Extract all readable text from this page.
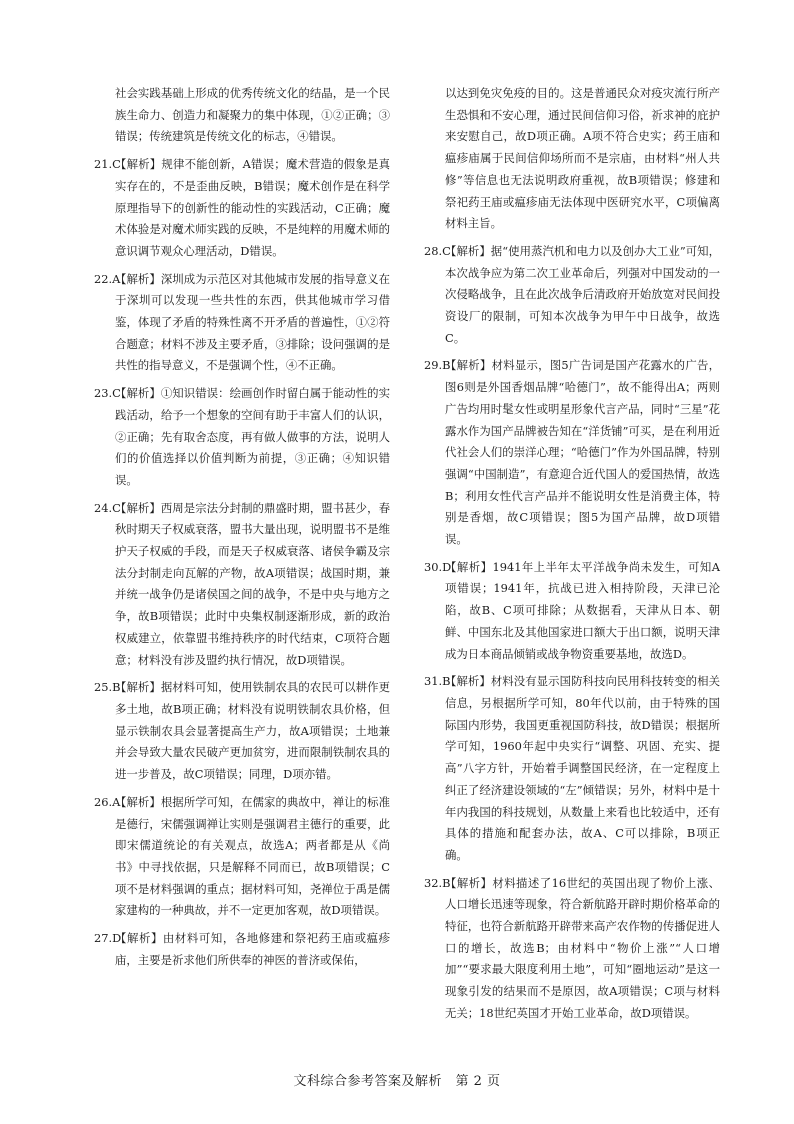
社会实践基础上形成的优秀传统文化的结晶，是一个民族生命力、创造力和凝聚力的集中体现，①②正确；③错误；传统建筑是传统文化的标志，④错误。

21.C
【解析】规律不能创新，A错误；魔术营造的假象是真实存在的，不是歪曲反映，B错误；魔术创作是在科学原理指导下的创新性的能动性的实践活动，C正确；魔术体验是对魔术师实践的反映，不是纯粹的用魔术师的意识调节观众心理活动，D错误。
22.A
【解析】深圳成为示范区对其他城市发展的指导意义在于深圳可以发现一些共性的东西，供其他城市学习借鉴，体现了矛盾的特殊性离不开矛盾的普遍性，①②符合题意；材料不涉及主要矛盾，③排除；设问强调的是共性的指导意义，不是强调个性，④不正确。
23.C
【解析】①知识错误：绘画创作时留白属于能动性的实践活动，给予一个想象的空间有助于丰富人们的认识，②正确；先有取舍态度，再有做人做事的方法，说明人们的价值选择以价值判断为前提，③正确；④知识错误。
24.C
【解析】西周是宗法分封制的鼎盛时期，盟书甚少，春秋时期天子权威衰落，盟书大量出现，说明盟书不是维护天子权威的手段，而是天子权威衰落、诸侯争霸及宗法分封制走向瓦解的产物，故A项错误；战国时期，兼并统一战争仍是诸侯国之间的战争，不是中央与地方之争，故B项错误；此时中央集权制逐渐形成，新的政治权威建立，依靠盟书维持秩序的时代结束，C项符合题意；材料没有涉及盟约执行情况，故D项错误。
25.B
【解析】据材料可知，使用铁制农具的农民可以耕作更多土地，故B项正确；材料没有说明铁制农具价格，但显示铁制农具会显著提高生产力，故A项错误；土地兼并会导致大量农民破产更加贫穷，进而限制铁制农具的进一步普及，故C项错误；同理，D项亦错。
26.A
【解析】根据所学可知，在儒家的典故中，禅让的标准是德行，宋儒强调禅让实则是强调君主德行的重要，此即宋儒道统论的有关观点，故选A；两者都是从《尚书》中寻找依据，只是解释不同而已，故B项错误；C项不是材料强调的重点；据材料可知，尧禅位于禹是儒家建构的一种典故，并不一定更加客观，故D项错误。
27.D
【解析】由材料可知，各地修建和祭祀药王庙或瘟疹庙，主要是祈求他们所供奉的神医的普济或保佑，

以达到免灾免疫的目的。这是普通民众对疫灾流行所产生恐惧和不安心理，通过民间信仰习俗，祈求神的庇护来安慰自己，故D项正确。A项不符合史实；药王庙和瘟疹庙属于民间信仰场所而不是宗庙，由材料“州人共修”等信息也无法说明政府重视，故B项错误；修建和祭祀药王庙或瘟疹庙无法体现中医研究水平，C项偏离材料主旨。

28.C
【解析】据“使用蒸汽机和电力以及创办大工业”可知，本次战争应为第二次工业革命后，列强对中国发动的一次侵略战争，且在此次战争后清政府开始放宽对民间投资设厂的限制，可知本次战争为甲午中日战争，故选C。
29.B
【解析】材料显示，图5广告词是国产花露水的广告，图6则是外国香烟品牌“哈德门”，故不能得出A；两则广告均用时髦女性或明星形象代言产品，同时“三星”花露水作为国产品牌被告知在“洋货铺”可买，是在利用近代社会人们的崇洋心理；“哈德门”作为外国品牌，特别强调“中国制造”，有意迎合近代国人的爱国热情，故选B；利用女性代言产品并不能说明女性是消费主体，特别是香烟，故C项错误；图5为国产品牌，故D项错误。
30.D
【解析】1941年上半年太平洋战争尚未发生，可知A项错误；1941年，抗战已进入相持阶段，天津已沦陷，故B、C项可排除；从数据看，天津从日本、朝鲜、中国东北及其他国家进口额大于出口额，说明天津成为日本商品倾销或战争物资重要基地，故选D。
31.B
【解析】材料没有显示国防科技向民用科技转变的相关信息，另根据所学可知，80年代以前，由于特殊的国际国内形势，我国更重视国防科技，故D错误；根据所学可知，1960年起中央实行“调整、巩固、充实、提高”八字方针，开始着手调整国民经济，在一定程度上纠正了经济建设领域的“左”倾错误；另外，材料中是十年内我国的科技规划，从数量上来看也比较适中，还有具体的措施和配套办法，故A、C可以排除，B项正确。
32.B
【解析】材料描述了16世纪的英国出现了物价上涨、人口增长迅速等现象，符合新航路开辟时期价格革命的特征，也符合新航路开辟带来高产农作物的传播促进人口的增长，故选B；由材料中“物价上涨”“人口增加”“要求最大限度利用土地”，可知“圈地运动”是这一现象引发的结果而不是原因，故A项错误；C项与材料无关；18世纪英国才开始工业革命，故D项错误。
文科综合参考答案及解析　第 2 页
